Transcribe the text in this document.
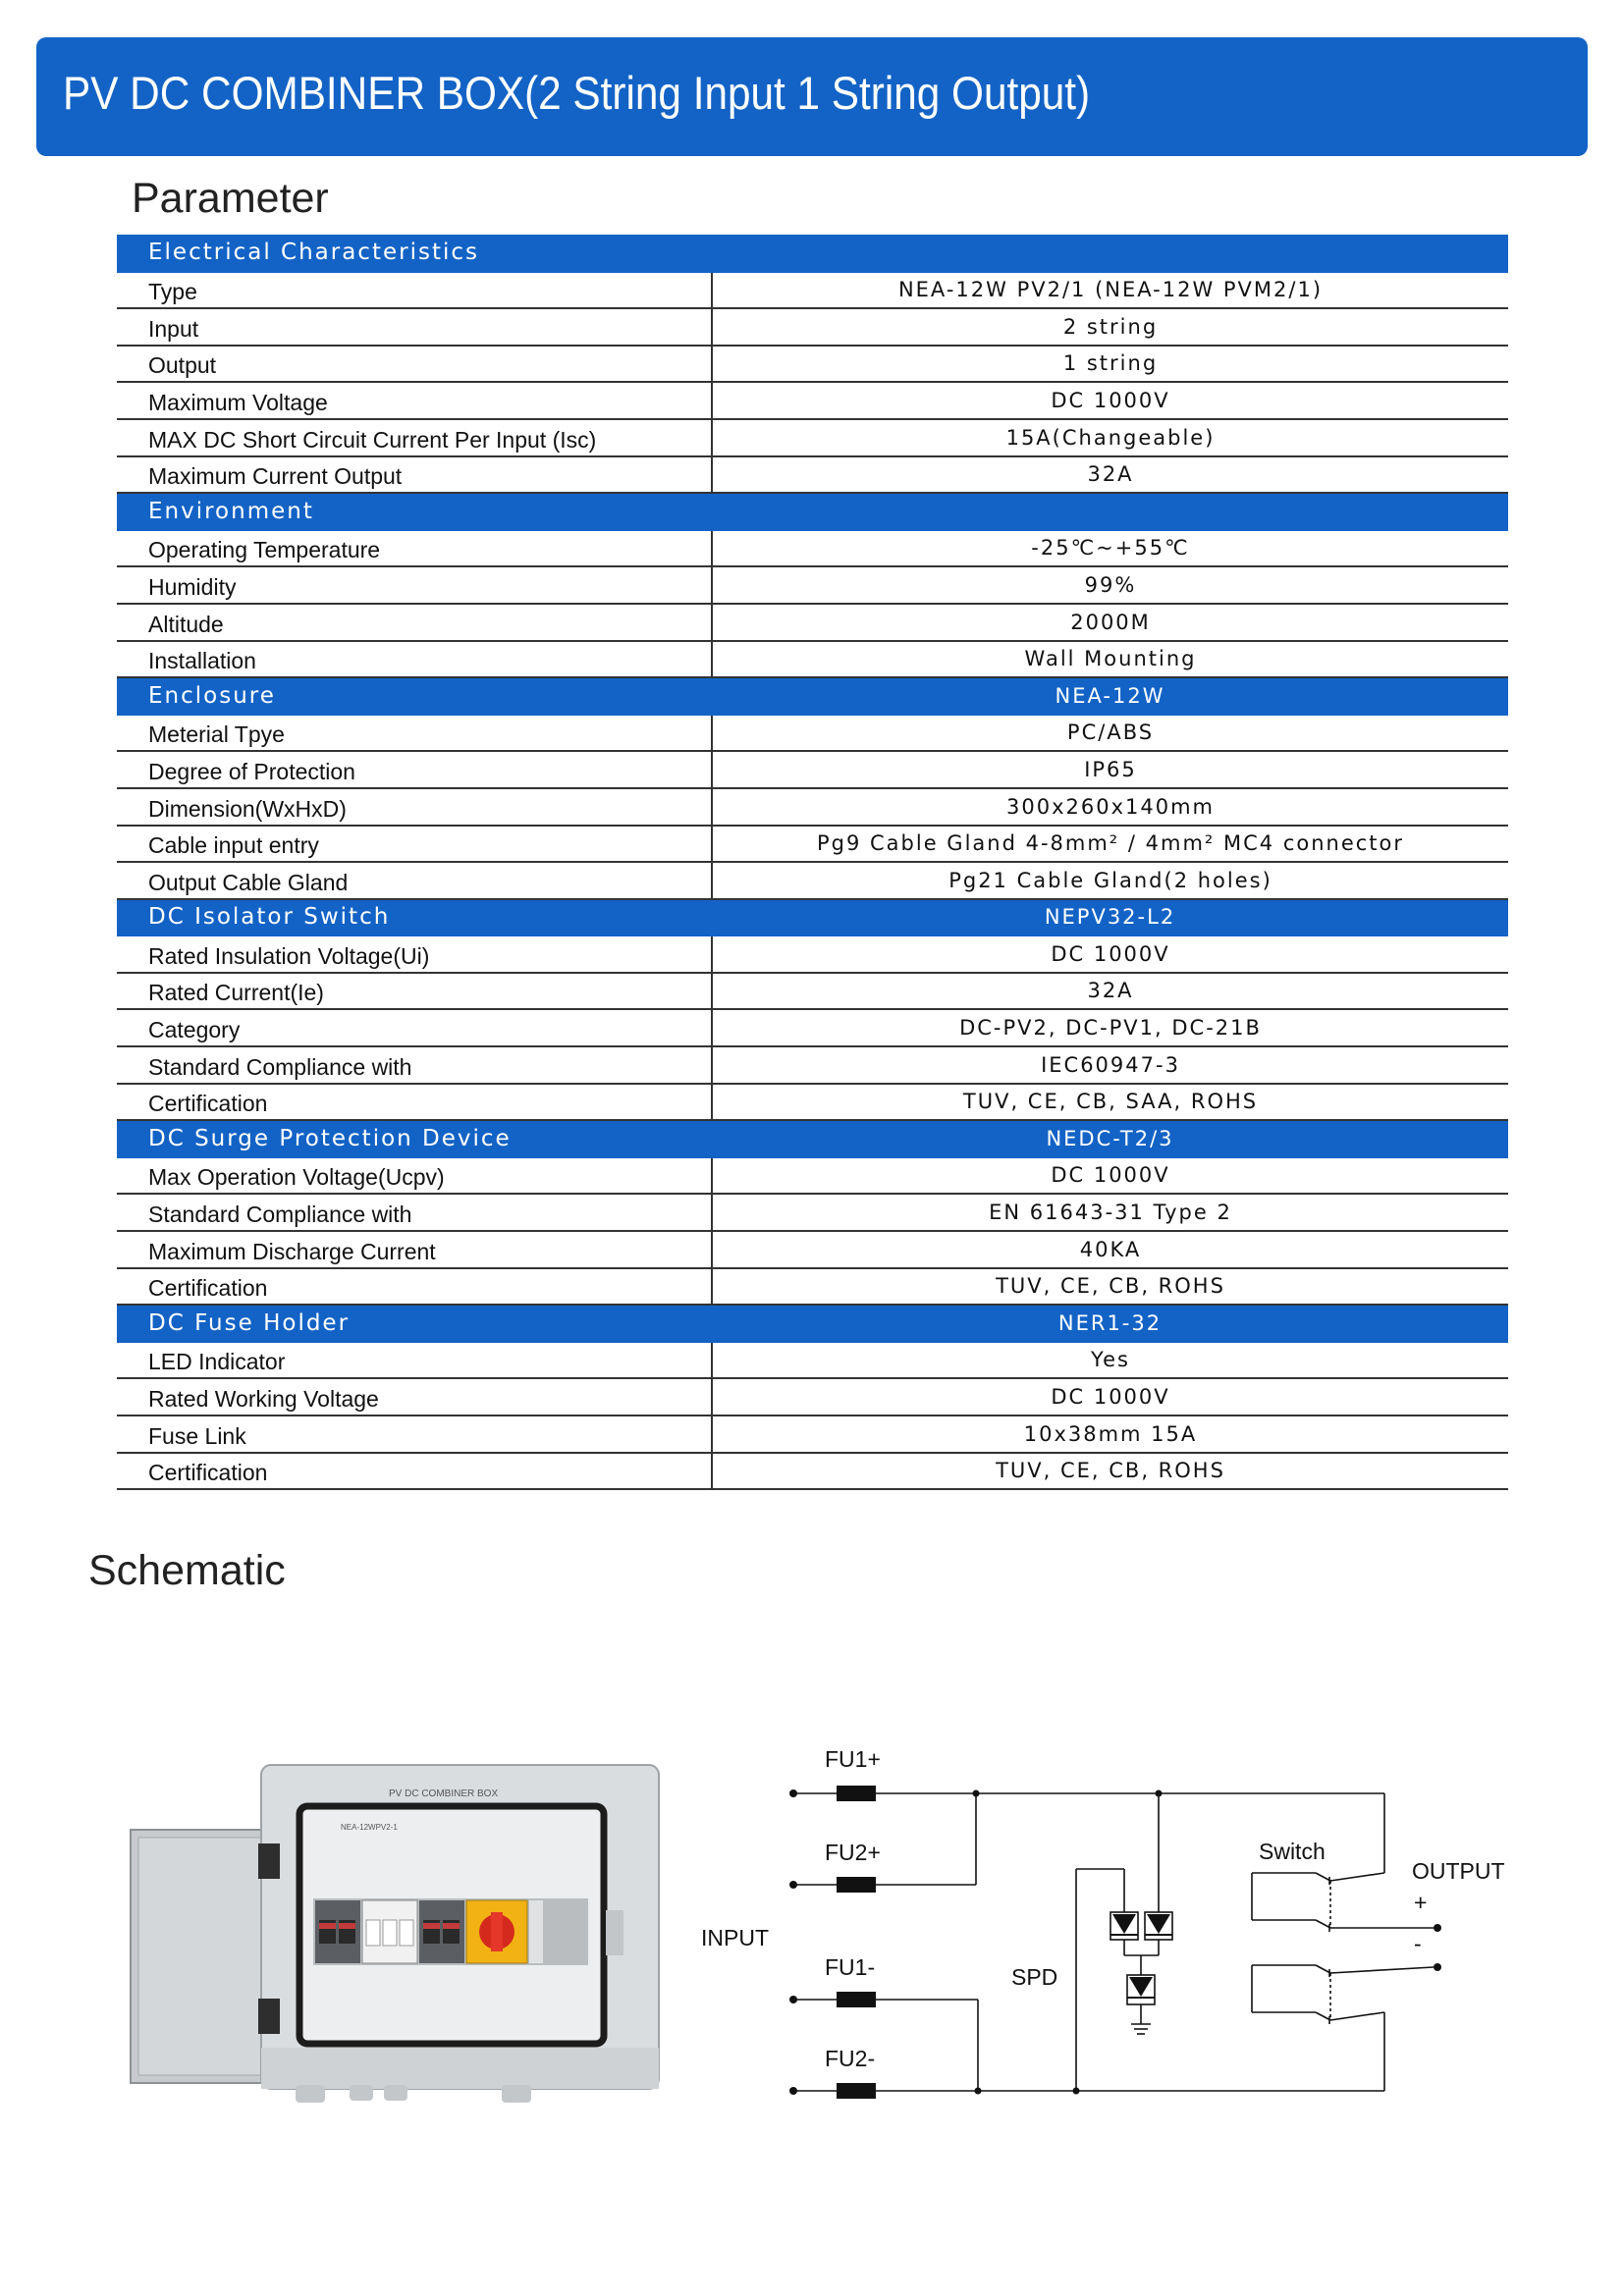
PV DC COMBINER BOX(2 String Input 1 String Output)
Parameter
Electrical Characteristics	
Type	NEA-12W PV2/1 (NEA-12W PVM2/1)
Input	2 string
Output	1 string
Maximum Voltage	DC 1000V
MAX DC Short Circuit Current Per Input (Isc)	15A(Changeable)
Maximum Current Output	32A
Environment	
Operating Temperature	-25℃~+55℃
Humidity	99%
Altitude	2000M
Installation	Wall Mounting
Enclosure	NEA-12W
Meterial Tpye	PC/ABS
Degree of Protection	IP65
Dimension(WxHxD)	300x260x140mm
Cable input entry	Pg9 Cable Gland 4-8mm² / 4mm² MC4 connector
Output Cable Gland	Pg21 Cable Gland(2 holes)
DC Isolator Switch	NEPV32-L2
Rated Insulation Voltage(Ui)	DC 1000V
Rated Current(Ie)	32A
Category	DC-PV2, DC-PV1, DC-21B
Standard Compliance with	IEC60947-3
Certification	TUV, CE, CB, SAA, ROHS
DC Surge Protection Device	NEDC-T2/3
Max Operation Voltage(Ucpv)	DC 1000V
Standard Compliance with	EN 61643-31 Type 2
Maximum Discharge Current	40KA
Certification	TUV, CE, CB, ROHS
DC Fuse Holder	NER1-32
LED Indicator	Yes
Rated Working Voltage	DC 1000V
Fuse Link	10x38mm 15A
Certification	TUV, CE, CB, ROHS
Schematic
PV DC COMBINER BOX
NEA-12WPV2-1
FU1+
FU2+
FU1-
FU2-
INPUT
SPD
Switch
OUTPUT
+
-
